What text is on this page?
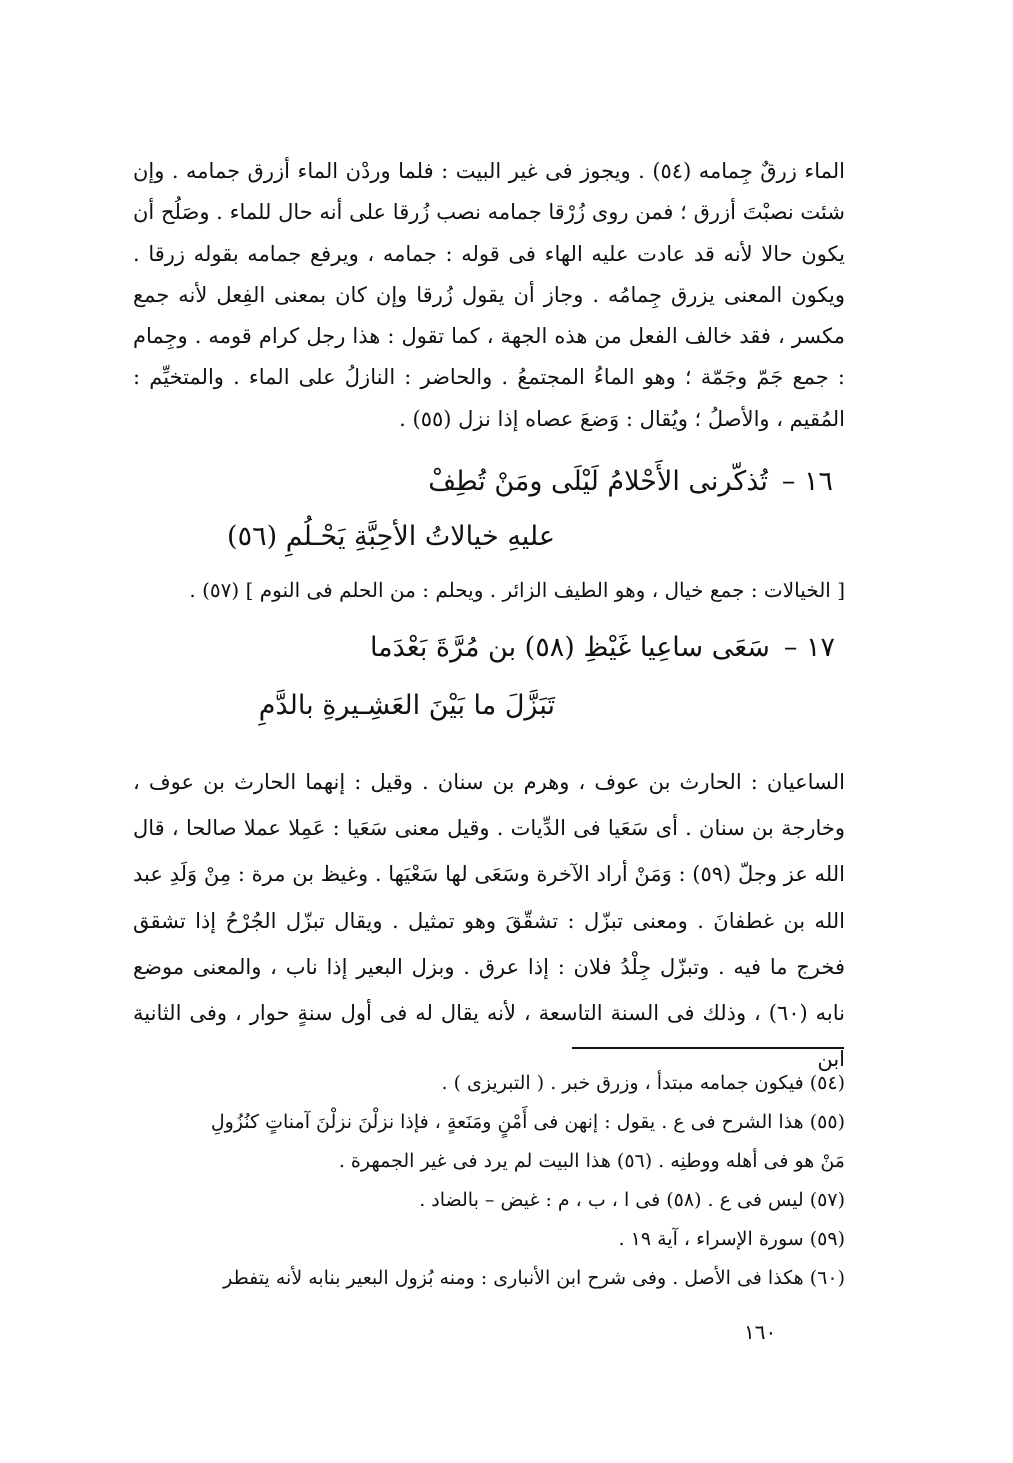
الماء زرقٌ جِمامه (٥٤) . ويجوز فى غير البيت : فلما وردْن الماء أزرق جمامه . وإن شئت نصبْتَ أزرق ؛ فمن روى زُرْقا جمامه نصب زُرقا على أنه حال للماء . وصَلُح أن يكون حالا لأنه قد عادت عليه الهاء فى قوله : جمامه ، ويرفع جمامه بقوله زرقا . ويكون المعنى يزرق جِمامُه . وجاز أن يقول زُرقا وإن كان بمعنى الفِعل لأنه جمع مكسر ، فقد خالف الفعل من هذه الجهة ، كما تقول : هذا رجل كرام قومه . وجِمام : جمع جَمّ وجَمّة ؛ وهو الماءُ المجتمعُ . والحاضر : النازلُ على الماء . والمتخيِّم : المُقيم ، والأصلُ ؛ ويُقال : وَضعَ عصاه إذا نزل (٥٥) .

١٦ –تُذكّرنى الأَحْلامُ لَيْلَى ومَنْ تُطِفْ
عليهِ خيالاتُ الأحِبَّةِ يَحْـلُمِ (٥٦)

[ الخيالات : جمع خيال ، وهو الطيف الزائر . ويحلم : من الحلم فى النوم ] (٥٧) .

١٧ –سَعَى ساعِيا غَيْظِ (٥٨) بن مُرَّةَ بَعْدَما
تَبَزَّلَ ما بَيْنَ العَشِـيرةِ بالدَّمِ

الساعيان : الحارث بن عوف ، وهرم بن سنان . وقيل : إنهما الحارث بن عوف ، وخارجة بن سنان . أى سَعَيا فى الدِّيات . وقيل معنى سَعَيا : عَمِلا عملا صالحا ، قال الله عز وجلّ (٥٩) : وَمَنْ أراد الآخرة وسَعَى لها سَعْيَها . وغيظ بن مرة : مِنْ وَلَدِ عبد الله بن غطفانَ . ومعنى تبزّل : تشقّقَ وهو تمثيل . ويقال تبزّل الجُرْحُ إذا تشقق فخرج ما فيه . وتبزّل جِلْدُ فلان : إذا عرق . وبزل البعير إذا ناب ، والمعنى موضع نابه (٦٠) ، وذلك فى السنة التاسعة ، لأنه يقال له فى أول سنةٍ حوار ، وفى الثانية ابن

(٥٤) فيكون جمامه مبتدأ ، وزرق خبر . ( التبريزى ) .
(٥٥) هذا الشرح فى ع . يقول : إنهن فى أَمْنٍ ومَنَعةٍ ، فإذا نزلْنَ نزلْنَ آمناتٍ كنُزُولِ
مَنْ هو فى أهله ووطنِه . (٥٦) هذا البيت لم يرد فى غير الجمهرة .
(٥٧) ليس فى ع . (٥٨) فى ا ، ب ، م : غيض – بالضاد .
(٥٩) سورة الإسراء ، آية ١٩ .
(٦٠) هكذا فى الأصل . وفى شرح ابن الأنبارى : ومنه بُزول البعير بنابه لأنه يتفطر
١٦٠
